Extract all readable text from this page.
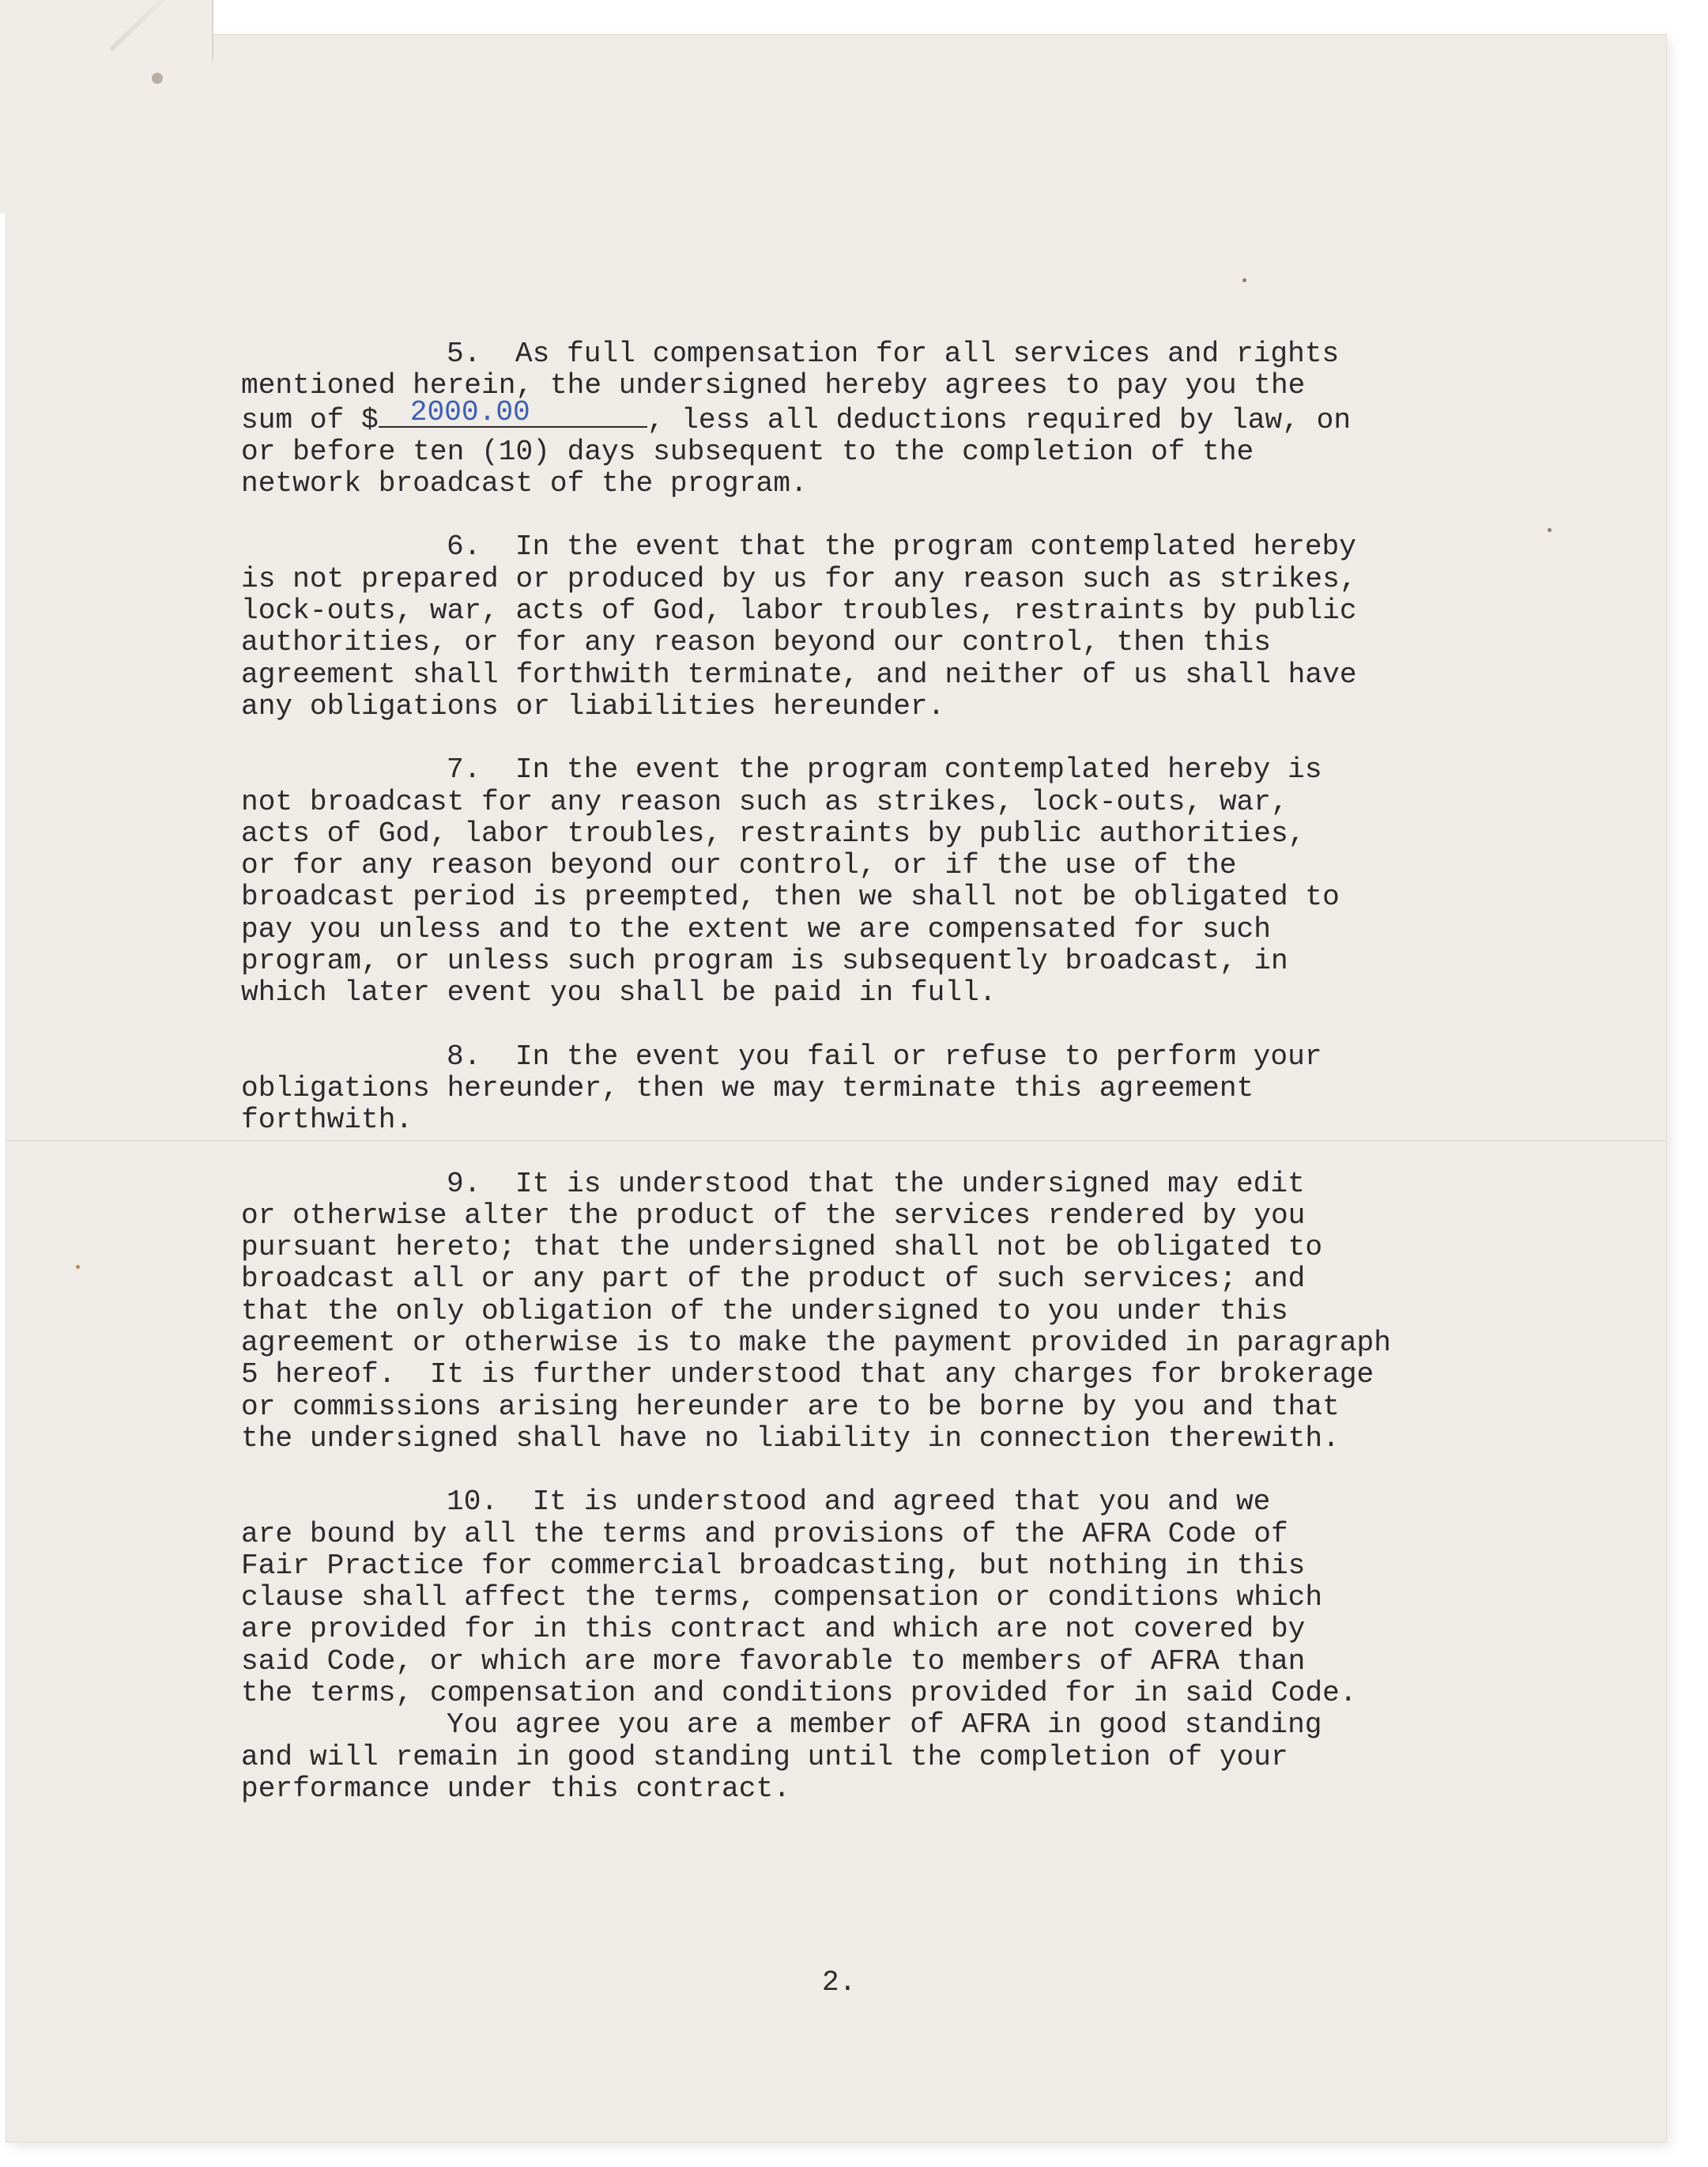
5. As full compensation for all services and rights
mentioned herein, the undersigned hereby agrees to pay you the
sum of $ 2000.00	, less all deductions required by law, on
or before ten (10) days subsequent to the completion of the
network broadcast of the program.
6. In the event that the program contemplated hereby
is not prepared or produced by us for any reason such as strikes,
lock-outs, war, acts of God, labor troubles, restraints by public
authorities, or for any reason beyond our control, then this
agreement shall forthwith terminate, and neither of us shall have
any obligations or liabilities hereunder.
7. In the event the program contemplated hereby is
not broadcast for any reason such as strikes, lock-outs, war,
acts of God, labor troubles, restraints by public authorities,
or for any reason beyond our control, or if the use of the
broadcast period is preempted, then we shall not be obligated to
pay you unless and to the extent we are compensated for such
program, or unless such program is subsequently broadcast, in
which later event you shall be paid in full.
8. In the event you fail or refuse to perform your
obligations hereunder, then we may terminate this agreement
forthwith.
9. It is understood that the undersigned may edit
or otherwise alter the product of the services rendered by you
pursuant hereto; that the undersigned shall not be obligated to
broadcast all or any part of the product of such services; and
that the only obligation of the undersigned to you under this
agreement or otherwise is to make the payment provided in paragraph
5 hereof.  It is further understood that any charges for brokerage
or commissions arising hereunder are to be borne by you and that
the undersigned shall have no liability in connection therewith.
10. It is understood and agreed that you and we
are bound by all the terms and provisions of the AFRA Code of
Fair Practice for commercial broadcasting, but nothing in this
clause shall affect the terms, compensation or conditions which
are provided for in this contract and which are not covered by
said Code, or which are more favorable to members of AFRA than
the terms, compensation and conditions provided for in said Code.
You agree you are a member of AFRA in good standing
and will remain in good standing until the completion of your
performance under this contract.
2.
